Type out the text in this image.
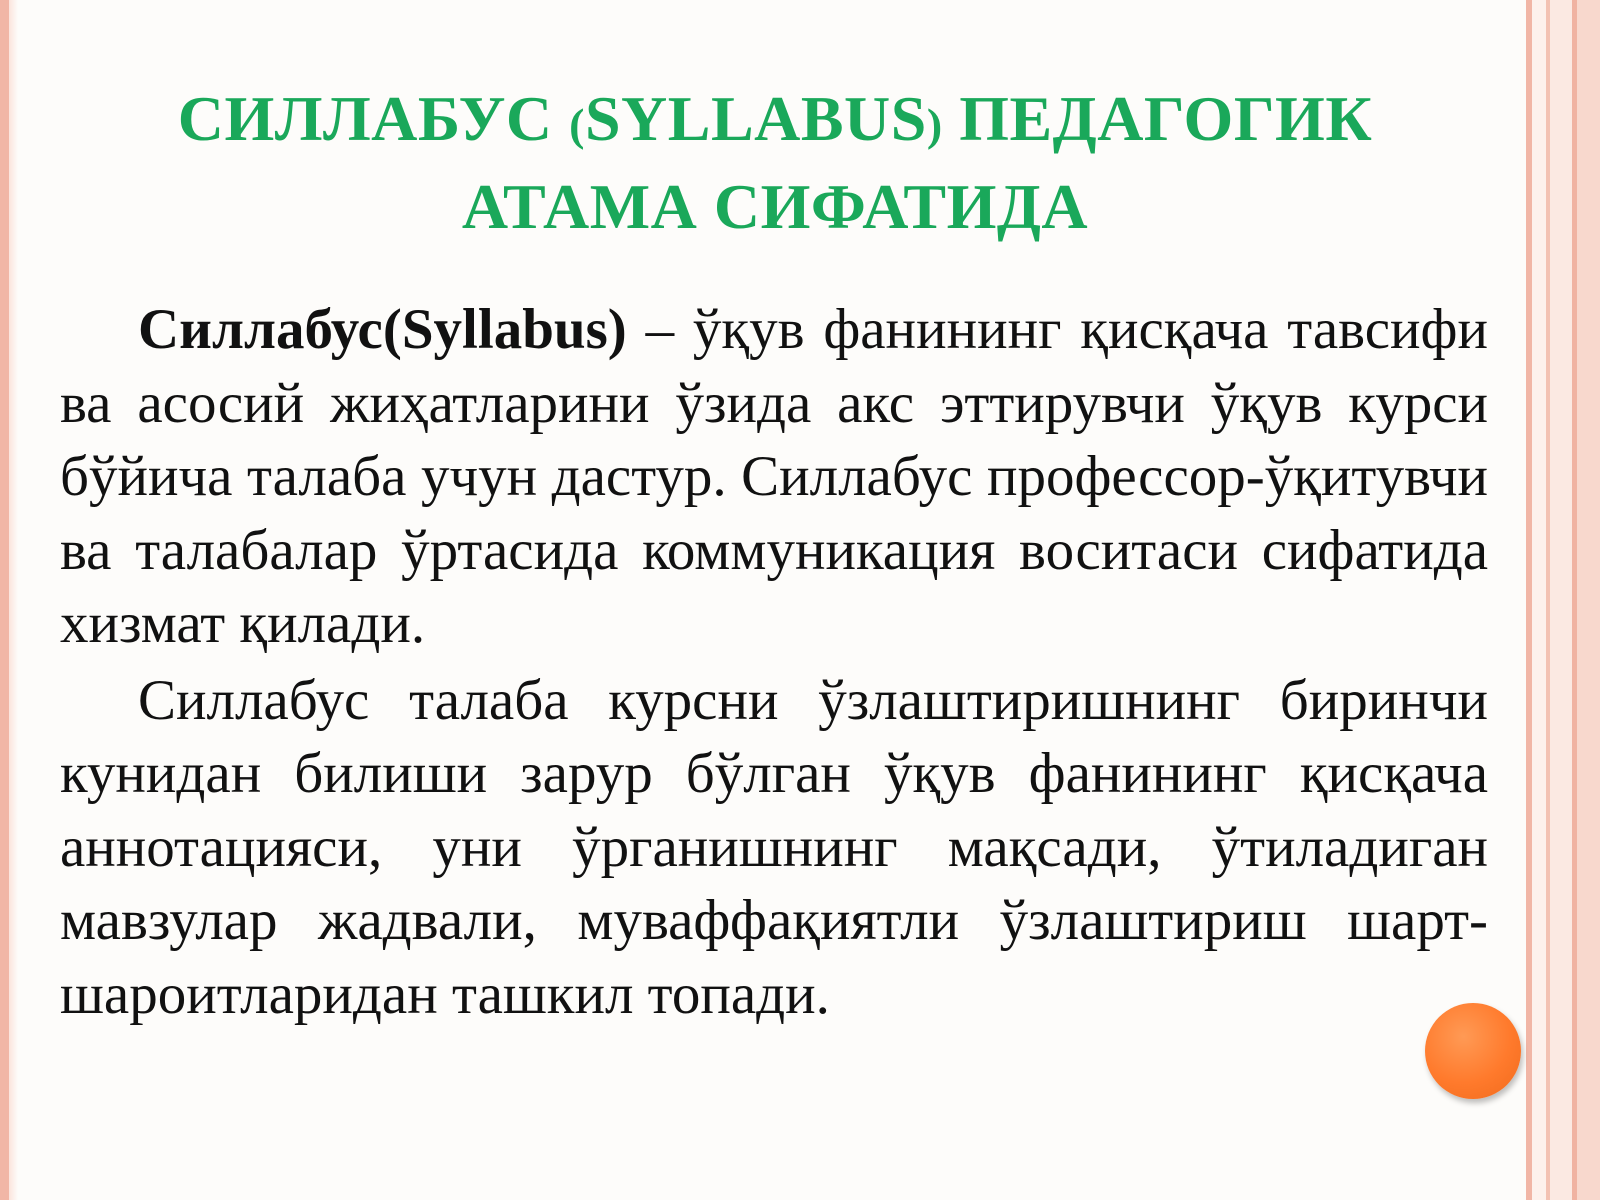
СИЛЛАБУС (SYLLABUS) ПЕДАГОГИК АТАМА СИФАТИДА

Силлабус(Syllabus) – ўқув фанининг қисқача тавсифи ва асосий жиҳатларини ўзида акс эттирувчи ўқув курси бўйича талаба учун дастур. Силлабус профессор-ўқитувчи ва талабалар ўртасида коммуникация воситаси сифатида хизмат қилади.

Силлабус талаба курсни ўзлаштиришнинг биринчи кунидан билиши зарур бўлган ўқув фанининг қисқача аннотацияси, уни ўрганишнинг мақсади, ўтиладиган мавзулар жадвали, муваффақиятли ўзлаштириш шарт-шароитларидан ташкил топади.
